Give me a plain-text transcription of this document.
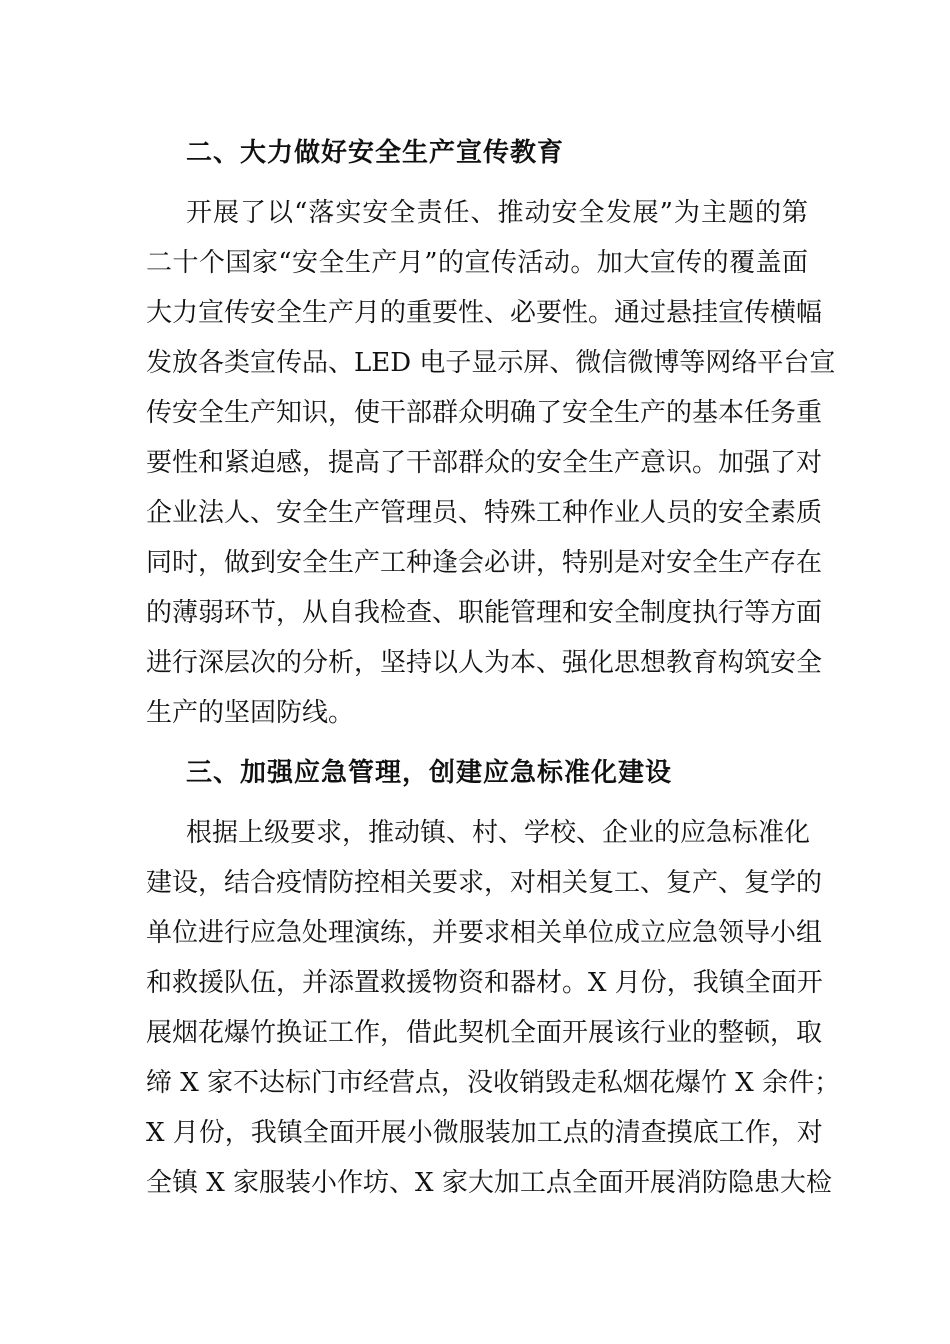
二、大力做好安全生产宣传教育
开展了以“落实安全责任、推动安全发展”为主题的第
二十个国家“安全生产月”的宣传活动。加大宣传的覆盖面
大力宣传安全生产月的重要性、必要性。通过悬挂宣传横幅
发放各类宣传品、LED 电子显示屏、微信微博等网络平台宣
传安全生产知识，使干部群众明确了安全生产的基本任务重
要性和紧迫感，提高了干部群众的安全生产意识。加强了对
企业法人、安全生产管理员、特殊工种作业人员的安全素质
同时，做到安全生产工种逢会必讲，特别是对安全生产存在
的薄弱环节，从自我检查、职能管理和安全制度执行等方面
进行深层次的分析，坚持以人为本、强化思想教育构筑安全
生产的坚固防线。
三、加强应急管理，创建应急标准化建设
根据上级要求，推动镇、村、学校、企业的应急标准化
建设，结合疫情防控相关要求，对相关复工、复产、复学的
单位进行应急处理演练，并要求相关单位成立应急领导小组
和救援队伍，并添置救援物资和器材。X 月份，我镇全面开
展烟花爆竹换证工作，借此契机全面开展该行业的整顿，取
缔 X 家不达标门市经营点，没收销毁走私烟花爆竹 X 余件；
X 月份，我镇全面开展小微服装加工点的清查摸底工作，对
全镇 X 家服装小作坊、X 家大加工点全面开展消防隐患大检
